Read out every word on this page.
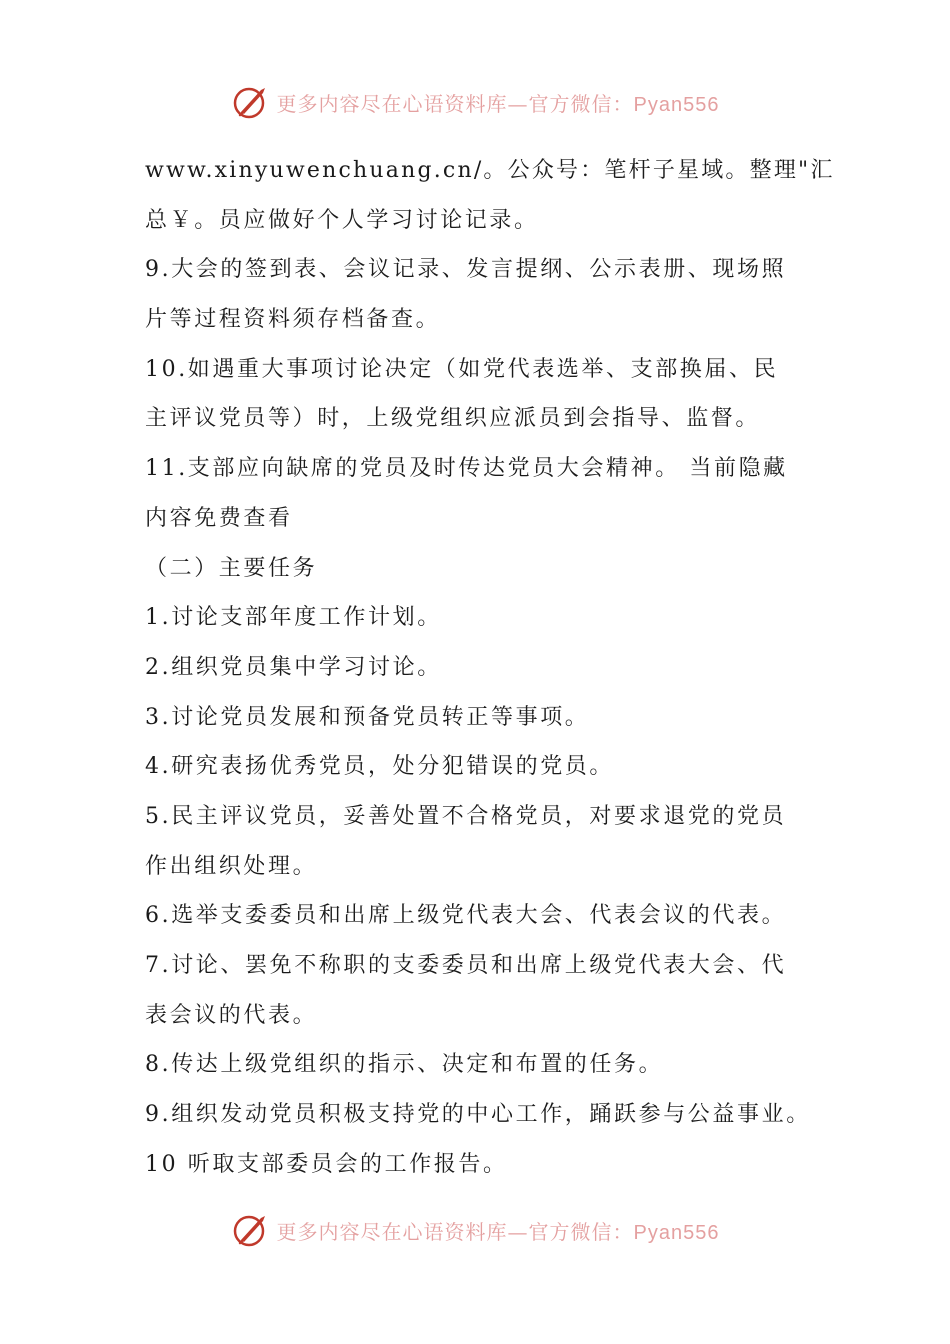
更多内容尽在心语资料库—官方微信：Pyan556
www.xinyuwenchuang.cn/。公众号：笔杆子星域。整理"汇
总￥。员应做好个人学习讨论记录。
9.大会的签到表、会议记录、发言提纲、公示表册、现场照
片等过程资料须存档备查。
10.如遇重大事项讨论决定（如党代表选举、支部换届、民
主评议党员等）时，上级党组织应派员到会指导、监督。
11.支部应向缺席的党员及时传达党员大会精神。 当前隐藏
内容免费查看
（二）主要任务
1.讨论支部年度工作计划。
2.组织党员集中学习讨论。
3.讨论党员发展和预备党员转正等事项。
4.研究表扬优秀党员，处分犯错误的党员。
5.民主评议党员，妥善处置不合格党员，对要求退党的党员
作出组织处理。
6.选举支委委员和出席上级党代表大会、代表会议的代表。
7.讨论、罢免不称职的支委委员和出席上级党代表大会、代
表会议的代表。
8.传达上级党组织的指示、决定和布置的任务。
9.组织发动党员积极支持党的中心工作，踊跃参与公益事业。
10 听取支部委员会的工作报告。
更多内容尽在心语资料库—官方微信：Pyan556
